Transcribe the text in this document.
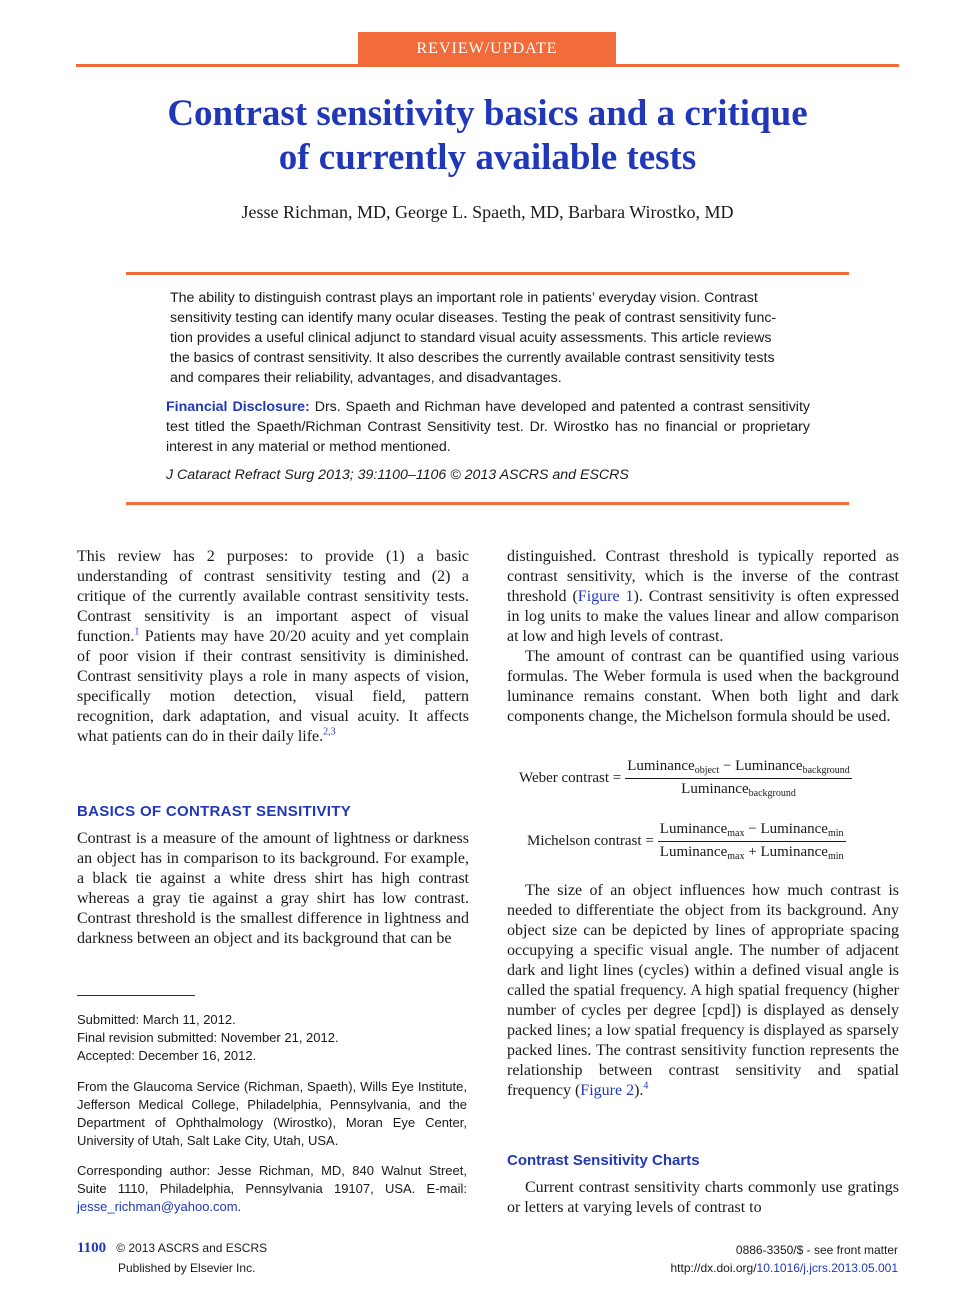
REVIEW/UPDATE
Contrast sensitivity basics and a critique
of currently available tests
Jesse Richman, MD, George L. Spaeth, MD, Barbara Wirostko, MD

The ability to distinguish contrast plays an important role in patients’ everyday vision. Contrast

sensitivity testing can identify many ocular diseases. Testing the peak of contrast sensitivity func-

tion provides a useful clinical adjunct to standard visual acuity assessments. This article reviews

the basics of contrast sensitivity. It also describes the currently available contrast sensitivity tests

and compares their reliability, advantages, and disadvantages.

Financial Disclosure: Drs. Spaeth and Richman have developed and patented a contrast sensitivity test titled the Spaeth/Richman Contrast Sensitivity test. Dr. Wirostko has no financial or proprietary interest in any material or method mentioned.
J Cataract Refract Surg 2013; 39:1100–1106 © 2013 ASCRS and ESCRS

This review has 2 purposes: to provide (1) a basic understanding of contrast sensitivity testing and (2) a critique of the currently available contrast sensitivity tests. Contrast sensitivity is an important aspect of visual function.$^1$ Patients may have 20/20 acuity and yet complain of poor vision if their contrast sensitivity is diminished. Contrast sensitivity plays a role in many aspects of vision, specifically motion detection, visual field, pattern recognition, dark adaptation, and visual acuity. It affects what patients can do in their daily life.$^{2,3}$

BASICS OF CONTRAST SENSITIVITY

Contrast is a measure of the amount of lightness or darkness an object has in comparison to its background. For example, a black tie against a white dress shirt has high contrast whereas a gray tie against a gray shirt has low contrast. Contrast threshold is the smallest difference in lightness and darkness between an object and its background that can be

Submitted: March 11, 2012.

Final revision submitted: November 21, 2012.

Accepted: December 16, 2012.

From the Glaucoma Service (Richman, Spaeth), Wills Eye Institute, Jefferson Medical College, Philadelphia, Pennsylvania, and the Department of Ophthalmology (Wirostko), Moran Eye Center, University of Utah, Salt Lake City, Utah, USA.
Corresponding author: Jesse Richman, MD, 840 Walnut Street, Suite 1110, Philadelphia, Pennsylvania 19107, USA. E-mail: jesse_richman@yahoo.com.

distinguished. Contrast threshold is typically reported as contrast sensitivity, which is the inverse of the contrast threshold (Figure 1). Contrast sensitivity is often expressed in log units to make the values linear and allow comparison at low and high levels of contrast.

The amount of contrast can be quantified using various formulas. The Weber formula is used when the background luminance remains constant. When both light and dark components change, the Michelson formula should be used.

Weber contrast = $\frac{Luminance_{object} - Luminance_{background}}{Luminance_{background}}$
Michelson contrast = $\frac{Luminance_{max} - Luminance_{min}}{Luminance_{max} + Luminance_{min}}$

The size of an object influences how much contrast is needed to differentiate the object from its background. Any object size can be depicted by lines of appropriate spacing occupying a specific visual angle. The number of adjacent dark and light lines (cycles) within a defined visual angle is called the spatial frequency. A high spatial frequency (higher number of cycles per degree [cpd]) is displayed as densely packed lines; a low spatial frequency is displayed as sparsely packed lines. The contrast sensitivity function represents the relationship between contrast sensitivity and spatial frequency (Figure 2).$^4$

Contrast Sensitivity Charts

Current contrast sensitivity charts commonly use gratings or letters at varying levels of contrast to

1100 © 2013 ASCRS and ESCRS
Published by Elsevier Inc.
0886-3350/$ - see front matter
http://dx.doi.org/10.1016/j.jcrs.2013.05.001
